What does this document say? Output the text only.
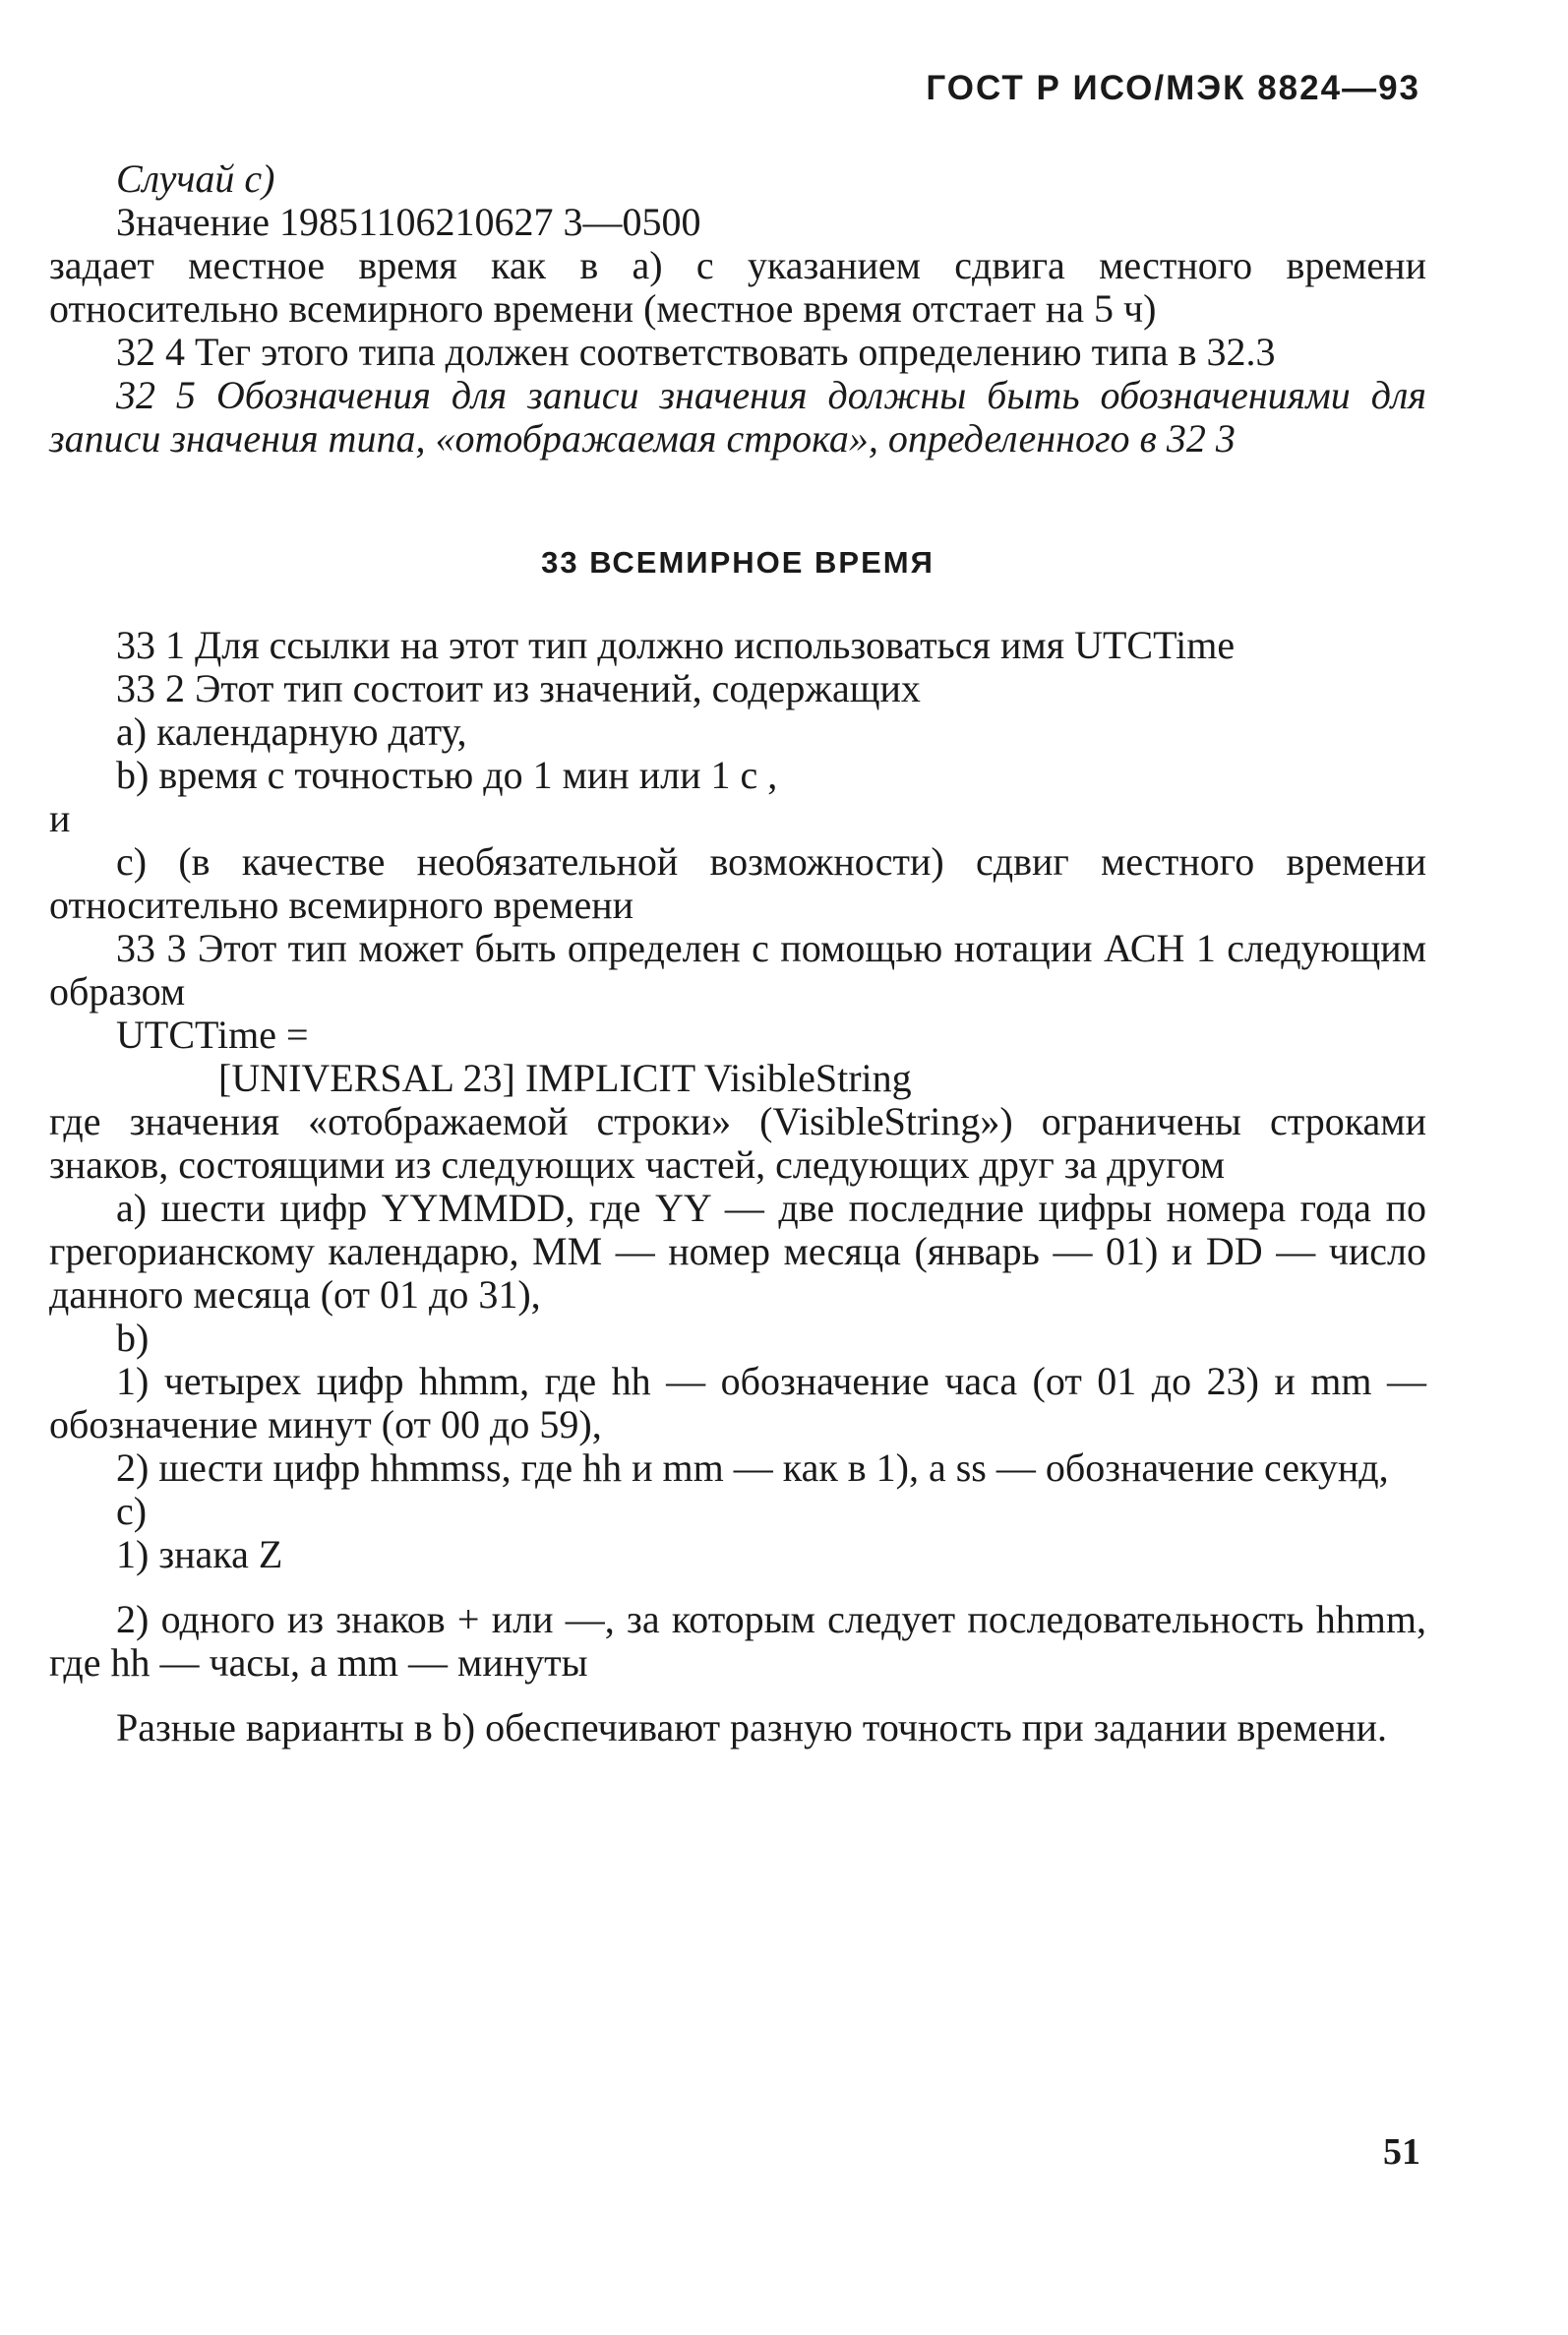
ГОСТ Р ИСО/МЭК 8824—93

Случай с)

Значение 19851106210627 3—0500

задает местное время как в а) с указанием сдвига местного времени относительно всемирного времени (местное время отстает на 5 ч)

32 4 Тег этого типа должен соответствовать определению типа в 32.3

32 5 Обозначения для записи значения должны быть обозначениями для записи значения типа, «отображаемая строка», определенного в 32 3

33 ВСЕМИРНОЕ ВРЕМЯ

33 1 Для ссылки на этот тип должно использоваться имя UTCTime

33 2 Этот тип состоит из значений, содержащих

а) календарную дату,

b) время с точностью до 1 мин или 1 с ,

и

с) (в качестве необязательной возможности) сдвиг местного времени относительно всемирного времени

33 3 Этот тип может быть определен с помощью нотации АСН 1 следующим образом

UTCTime =

[UNIVERSAL 23] IMPLICIT VisibleString

где значения «отображаемой строки» (VisibleString») ограничены строками знаков, состоящими из следующих частей, следующих друг за другом

а) шести цифр YYMMDD, где YY — две последние цифры номера года по грегорианскому календарю, MM — номер месяца (январь — 01) и DD — число данного месяца (от 01 до 31),

b)

1) четырех цифр hhmm, где hh — обозначение часа (от 01 до 23) и mm — обозначение минут (от 00 до 59),

2) шести цифр hhmmss, где hh и mm — как в 1), а ss — обозначение секунд,

с)

1) знака Z

2) одного из знаков + или —, за которым следует последовательность hhmm, где hh — часы, а mm — минуты

Разные варианты в b) обеспечивают разную точность при задании времени.

51
